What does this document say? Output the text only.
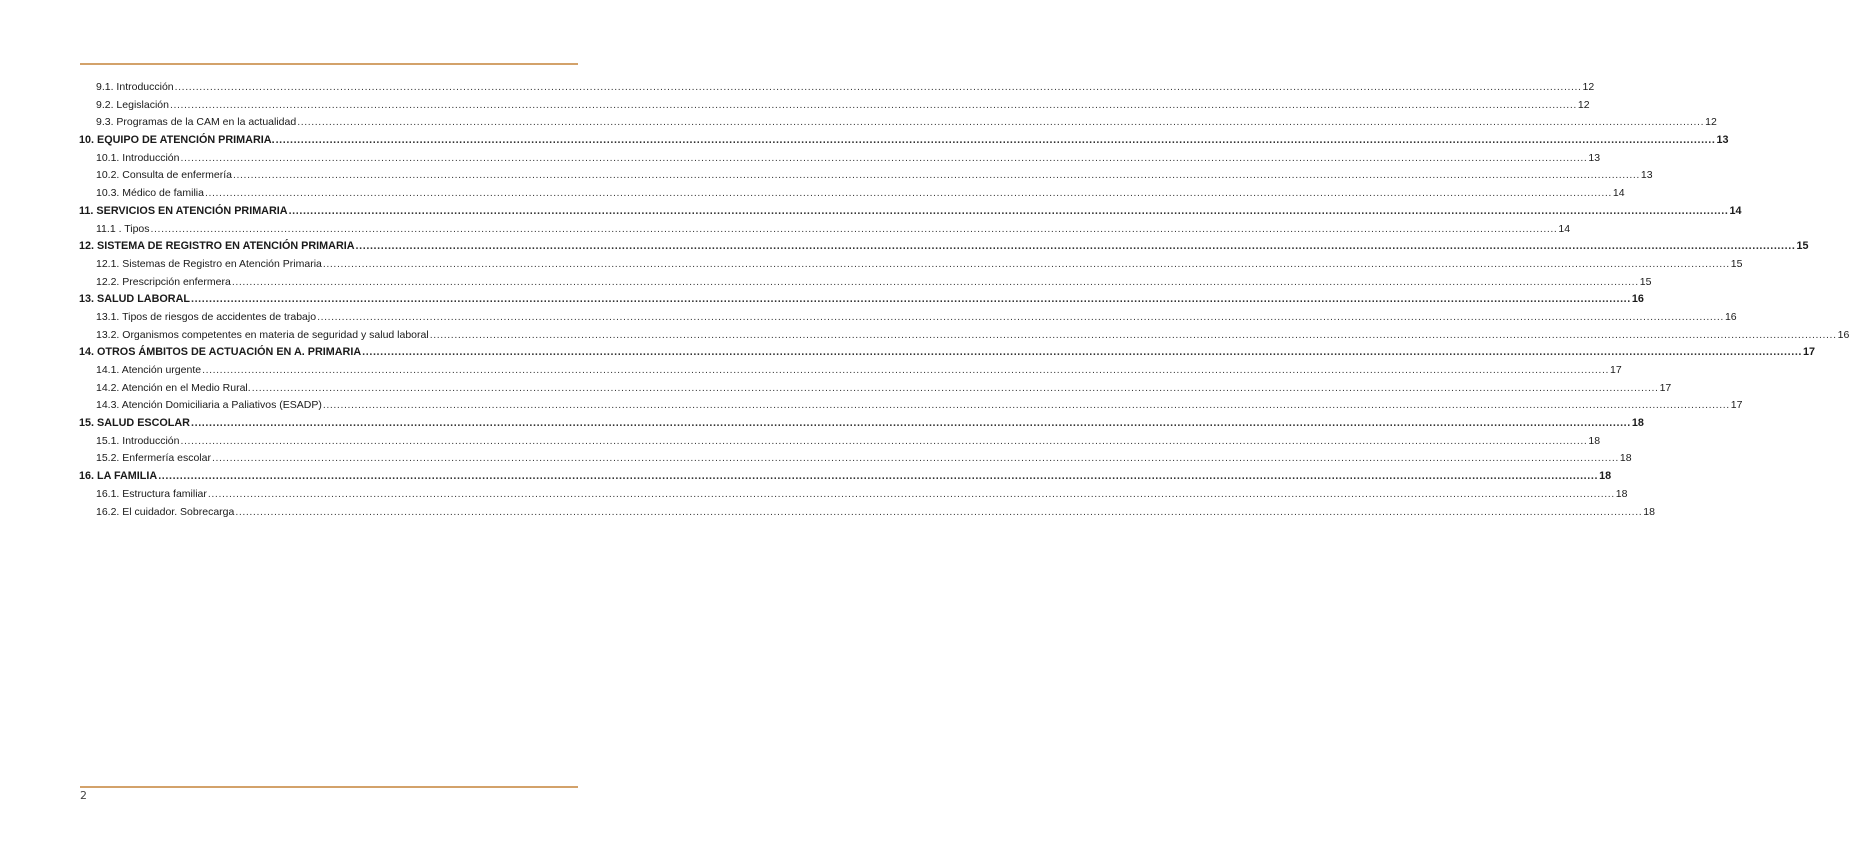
9.1. Introducción ................................................................................................................................................................................................................................................................................................................................................................................................................ 12
9.2. Legislación ................................................................................................................................................................................................................................................................................................................................................................................................................ 12
9.3. Programas de la CAM en la actualidad ................................................................................................................................................................................................................................................................................................................................................................................................................ 12
10. EQUIPO DE ATENCIÓN PRIMARIA. ................................................................................................................................................................................................................................................................................................................................................................................................................ 13
10.1. Introducción ................................................................................................................................................................................................................................................................................................................................................................................................................ 13
10.2. Consulta de enfermería ................................................................................................................................................................................................................................................................................................................................................................................................................ 13
10.3. Médico de familia ................................................................................................................................................................................................................................................................................................................................................................................................................ 14
11. SERVICIOS EN ATENCIÓN PRIMARIA ................................................................................................................................................................................................................................................................................................................................................................................................................ 14
11.1 . Tipos ................................................................................................................................................................................................................................................................................................................................................................................................................ 14
12. SISTEMA DE REGISTRO EN ATENCIÓN PRIMARIA ................................................................................................................................................................................................................................................................................................................................................................................................................ 15
12.1. Sistemas de Registro en Atención Primaria ................................................................................................................................................................................................................................................................................................................................................................................................................ 15
12.2. Prescripción enfermera ................................................................................................................................................................................................................................................................................................................................................................................................................ 15
13. SALUD LABORAL ................................................................................................................................................................................................................................................................................................................................................................................................................ 16
13.1. Tipos de riesgos de accidentes de trabajo ................................................................................................................................................................................................................................................................................................................................................................................................................ 16
13.2. Organismos competentes en materia de seguridad y salud laboral ................................................................................................................................................................................................................................................................................................................................................................................................................ 16
14. OTROS ÁMBITOS DE ACTUACIÓN EN A. PRIMARIA ................................................................................................................................................................................................................................................................................................................................................................................................................ 17
14.1. Atención urgente ................................................................................................................................................................................................................................................................................................................................................................................................................ 17
14.2. Atención en el Medio Rural. ................................................................................................................................................................................................................................................................................................................................................................................................................ 17
14.3. Atención Domiciliaria a Paliativos (ESADP) ................................................................................................................................................................................................................................................................................................................................................................................................................ 17
15. SALUD ESCOLAR ................................................................................................................................................................................................................................................................................................................................................................................................................ 18
15.1. Introducción ................................................................................................................................................................................................................................................................................................................................................................................................................ 18
15.2. Enfermería escolar ................................................................................................................................................................................................................................................................................................................................................................................................................ 18
16. LA FAMILIA ................................................................................................................................................................................................................................................................................................................................................................................................................ 18
16.1. Estructura familiar ................................................................................................................................................................................................................................................................................................................................................................................................................ 18
16.2. El cuidador. Sobrecarga ................................................................................................................................................................................................................................................................................................................................................................................................................ 18
2
